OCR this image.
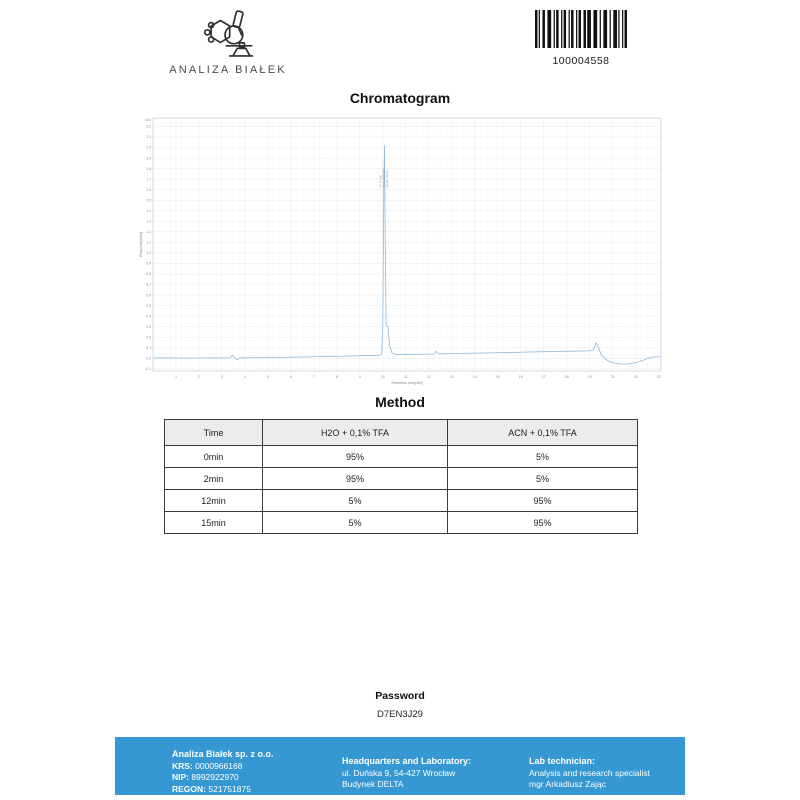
ANALIZA BIAŁEK
100004558
Chromatogram
-0.1
0.0
0.1
0.2
0.3
0.4
0.5
0.6
0.7
0.8
0.9
1.0
1.1
1.2
1.3
1.4
1.5
1.6
1.7
1.8
1.9
2.0
2.1
2.2
1	2	3	4	5	6	7	8	9	10	11	12	13	14	15	16	17	18	19	20	21	22
Retention time[min]
Response[mAU]
x10¹
RT: 10.060 Area: 7068.5293 Area%: 100.00
Method
Time	H2O + 0,1% TFA	ACN + 0,1% TFA
0min	95%	5%
2min	95%	5%
12min	5%	95%
15min	5%	95%
Password
D7EN3J29
Analiza Białek sp. z o.o.
KRS: 0000966168
NIP: 8992922970
REGON: 521751875
Headquarters and Laboratory:
ul. Duńska 9, 54-427 Wrocław
Budynek DELTA
Lab technician:
Analysis and research specialist
mgr Arkadiusz Zając
